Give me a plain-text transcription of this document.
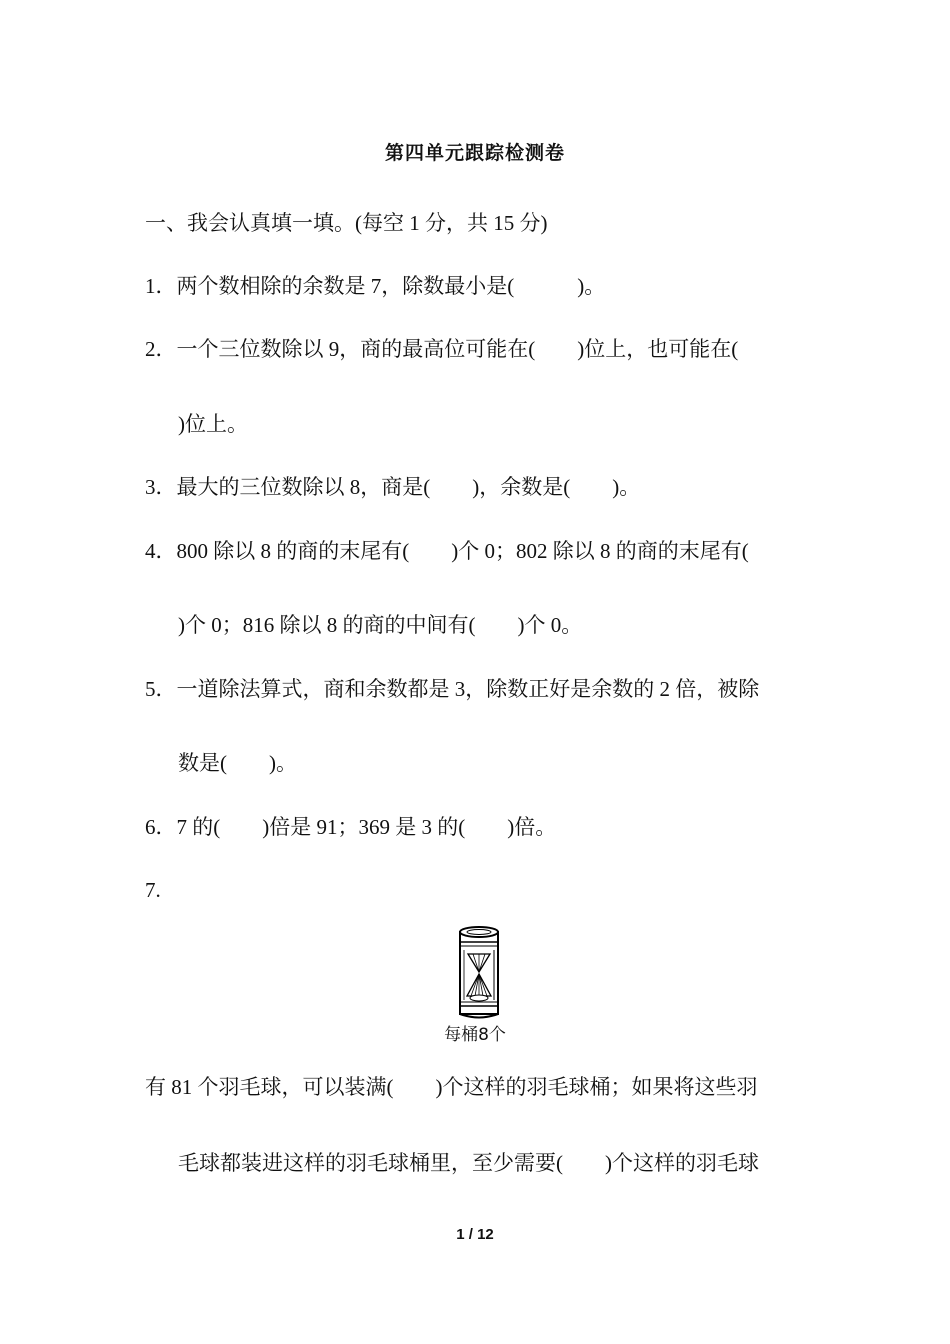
第四单元跟踪检测卷
一、我会认真填一填。(每空 1 分，共 15 分)
1．两个数相除的余数是 7，除数最小是(　　　)。
2．一个三位数除以 9，商的最高位可能在(　　)位上，也可能在(
)位上。
3．最大的三位数除以 8，商是(　　)，余数是(　　)。
4．800 除以 8 的商的末尾有(　　)个 0；802 除以 8 的商的末尾有(
)个 0；816 除以 8 的商的中间有(　　)个 0。
5．一道除法算式，商和余数都是 3，除数正好是余数的 2 倍，被除
数是(　　)。
6．7 的(　　)倍是 91；369 是 3 的(　　)倍。
7.
每桶8个
有 81 个羽毛球，可以装满(　　)个这样的羽毛球桶；如果将这些羽
毛球都装进这样的羽毛球桶里，至少需要(　　)个这样的羽毛球
1 / 12
